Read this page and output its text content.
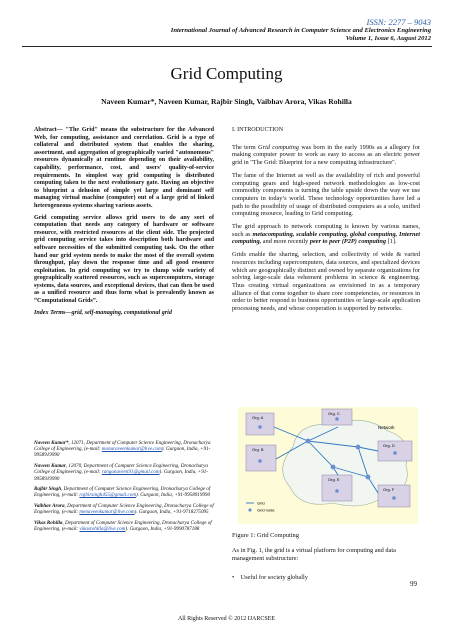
ISSN: 2277 – 9043
International Journal of Advanced Research in Computer Science and Electronics Engineering
Volume 1, Issue 6, August 2012
Grid Computing
Naveen Kumar*, Naveen Kumar, Rajbir Singh, Vaibhav Arora, Vikas Rohilla

Abstract— "The Grid" means the substructure for the Advanced Web, for computing, assistance and correlation. Grid is a type of collateral and distributed system that enables the sharing, assortment, and aggregation of geographically varied "autonomous" resources dynamically at runtime depending on their availability, capability, performance, cost, and users' quality-of-service requirements. In simplest way grid computing is distributed computing taken to the next evolutionary gate. Having an objective to blueprint a delusion of simple yet large and dominant self managing virtual machine (computer) out of a large grid of linked heterogeneous systems sharing various assets.

Grid computing service allows grid users to do any sort of computation that needs any category of hardware or software resource, with restricted resources at the client side. The projected grid computing service takes into description both hardware and software necessities of the submitted computing task. On the other hand our grid system needs to make the most of the overall system throughput, play down the response time and all good resource exploitation. In grid computing we try to clump wide variety of geographically scattered resources, such as supercomputers, storage systems, data sources, and exceptional devices, that can then be used as a unified resource and thus form what is prevalently known as “Computational Grids”.

Index Terms—grid, self-managing, computational grid

Naveen Kumar*, 12071, Department of Computer Science Engineering, Dronacharya College of Engineering, (e-mail: monuraveenkumar@live.com). Gurgaon, India, +91-9958919990

Naveen Kumar, 12070, Department of Computer Science Engineering, Dronacharya College of Engineering, (e-mail: ranganaveen91@gmail.com). Gurgaon, India, +91-9958919990

Rajbir Singh, Department of Computer Science Engineering, Dronacharya College of Engineering, (e-mail: rajbirsingh455@gmail.com). Gurgaon, India, +91-9958919990

Vaibhav Arora, Department of Computer Science Engineering, Dronacharya College of Engineering, (e-mail: menaveenkumar@live.com). Gurgaon, India, +91-9718275095

Vikas Rohilla, Department of Computer Science Engineering, Dronacharya College of Engineering, (e-mail: vikasrohilla@live.com). Gurgaon, India, +91-9990787188

I. INTRODUCTION

The term Grid computing was born in the early 1990s as a allegory for making computer power to work as easy to access as an electric power grid in "The Grid: Blueprint for a new computing infrastructure".

The fame of the Internet as well as the availability of rich and powerful computing gears and high-speed network methodologies as low-cost commodity components is turning the table upside down the way we use computers in today’s world. These technology opportunities have led a path to the possibility of usage of distributed computers as a solo, unified computing resource, leading to Grid computing.

The grid approach to network computing is known by various names, such as metacomputing, scalable computing, global computing, Internet computing, and more recently peer to peer (P2P) computing [1].

Grids enable the sharing, selection, and collectivity of wide & varied resources including supercomputers, data sources, and specialized devices which are geographically distinct and owned by separate organizations for solving large-scale data vehement problems in science & engineering. Thus creating virtual organizations as envisioned in as a temporary alliance of that come together to share core competencies, or resources in order to better respond to business opportunities or large-scale application processing needs, and whose cooperation is supported by networks.

Org. A
Org. B
Org. C
Org. D
Org. E
Org. F
Network
Grid
Grid node
Figure 1: Grid Computing
As in Fig. 1, the grid is a virtual platform for computing and data management substructure:
•    Useful for society globally
99
All Rights Reserved © 2012 IJARCSEE
